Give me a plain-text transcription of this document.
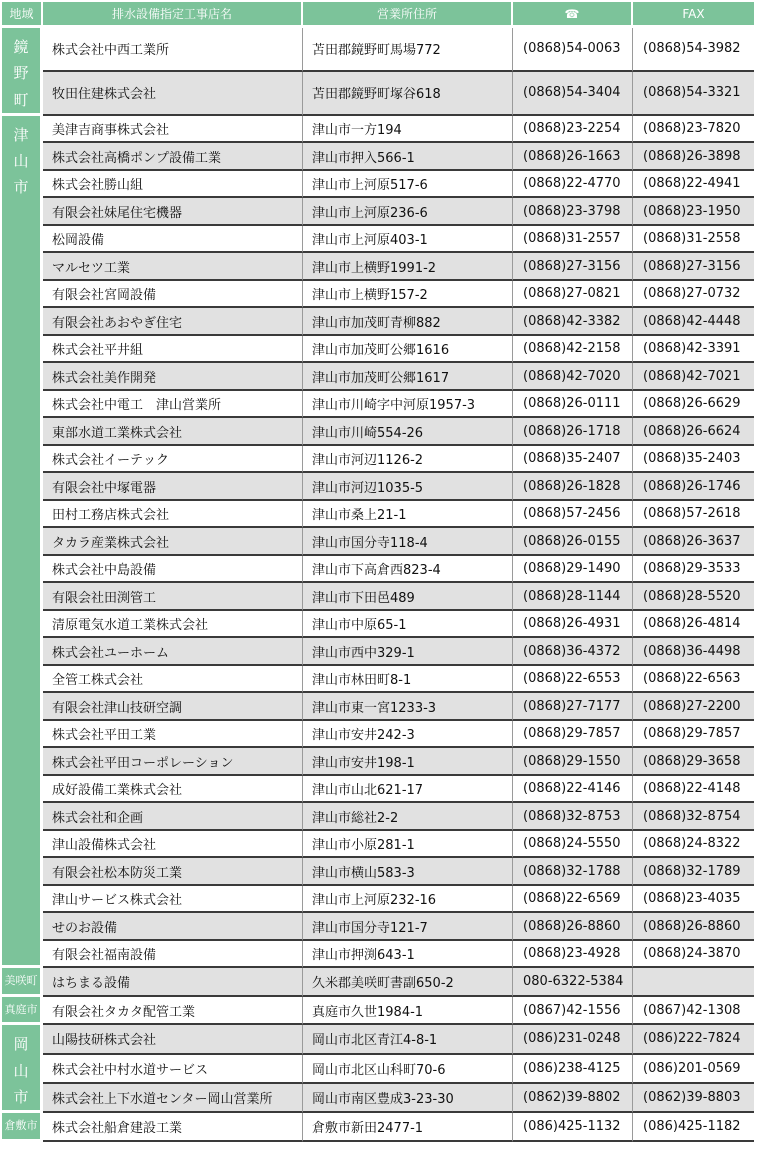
地域	排水設備指定工事店名	営業所住所	☎	FAX
鏡
野
町	株式会社中西工業所	苫田郡鏡野町馬場772	(0868)54-0063	(0868)54-3982
	牧田住建株式会社	苫田郡鏡野町塚谷618	(0868)54-3404	(0868)54-3321
津
山
市	美津吉商事株式会社	津山市一方194	(0868)23-2254	(0868)23-7820
	株式会社高橋ポンプ設備工業	津山市押入566-1	(0868)26-1663	(0868)26-3898
	株式会社勝山組	津山市上河原517-6	(0868)22-4770	(0868)22-4941
	有限会社妹尾住宅機器	津山市上河原236-6	(0868)23-3798	(0868)23-1950
	松岡設備	津山市上河原403-1	(0868)31-2557	(0868)31-2558
	マルセツ工業	津山市上横野1991-2	(0868)27-3156	(0868)27-3156
	有限会社宮岡設備	津山市上横野157-2	(0868)27-0821	(0868)27-0732
	有限会社あおやぎ住宅	津山市加茂町青柳882	(0868)42-3382	(0868)42-4448
	株式会社平井組	津山市加茂町公郷1616	(0868)42-2158	(0868)42-3391
	株式会社美作開発	津山市加茂町公郷1617	(0868)42-7020	(0868)42-7021
	株式会社中電工　津山営業所	津山市川崎字中河原1957-3	(0868)26-0111	(0868)26-6629
	東部水道工業株式会社	津山市川崎554-26	(0868)26-1718	(0868)26-6624
	株式会社イーテック	津山市河辺1126-2	(0868)35-2407	(0868)35-2403
	有限会社中塚電器	津山市河辺1035-5	(0868)26-1828	(0868)26-1746
	田村工務店株式会社	津山市桑上21-1	(0868)57-2456	(0868)57-2618
	タカラ産業株式会社	津山市国分寺118-4	(0868)26-0155	(0868)26-3637
	株式会社中島設備	津山市下高倉西823-4	(0868)29-1490	(0868)29-3533
	有限会社田渕管工	津山市下田邑489	(0868)28-1144	(0868)28-5520
	清原電気水道工業株式会社	津山市中原65-1	(0868)26-4931	(0868)26-4814
	株式会社ユーホーム	津山市西中329-1	(0868)36-4372	(0868)36-4498
	全管工株式会社	津山市林田町8-1	(0868)22-6553	(0868)22-6563
	有限会社津山技研空調	津山市東一宮1233-3	(0868)27-7177	(0868)27-2200
	株式会社平田工業	津山市安井242-3	(0868)29-7857	(0868)29-7857
	株式会社平田コーポレーション	津山市安井198-1	(0868)29-1550	(0868)29-3658
	成好設備工業株式会社	津山市山北621-17	(0868)22-4146	(0868)22-4148
	株式会社和企画	津山市総社2-2	(0868)32-8753	(0868)32-8754
	津山設備株式会社	津山市小原281-1	(0868)24-5550	(0868)24-8322
	有限会社松本防災工業	津山市横山583-3	(0868)32-1788	(0868)32-1789
	津山サービス株式会社	津山市上河原232-16	(0868)22-6569	(0868)23-4035
	せのお設備	津山市国分寺121-7	(0868)26-8860	(0868)26-8860
	有限会社福南設備	津山市押渕643-1	(0868)23-4928	(0868)24-3870
美咲町	はちまる設備	久米郡美咲町書副650-2	080-6322-5384	
真庭市	有限会社タカタ配管工業	真庭市久世1984-1	(0867)42-1556	(0867)42-1308
岡
山
市	山陽技研株式会社	岡山市北区青江4-8-1	(086)231-0248	(086)222-7824
	株式会社中村水道サービス	岡山市北区山科町70-6	(086)238-4125	(086)201-0569
	株式会社上下水道センター岡山営業所	岡山市南区豊成3-23-30	(0862)39-8802	(0862)39-8803
倉敷市	株式会社船倉建設工業	倉敷市新田2477-1	(086)425-1132	(086)425-1182
